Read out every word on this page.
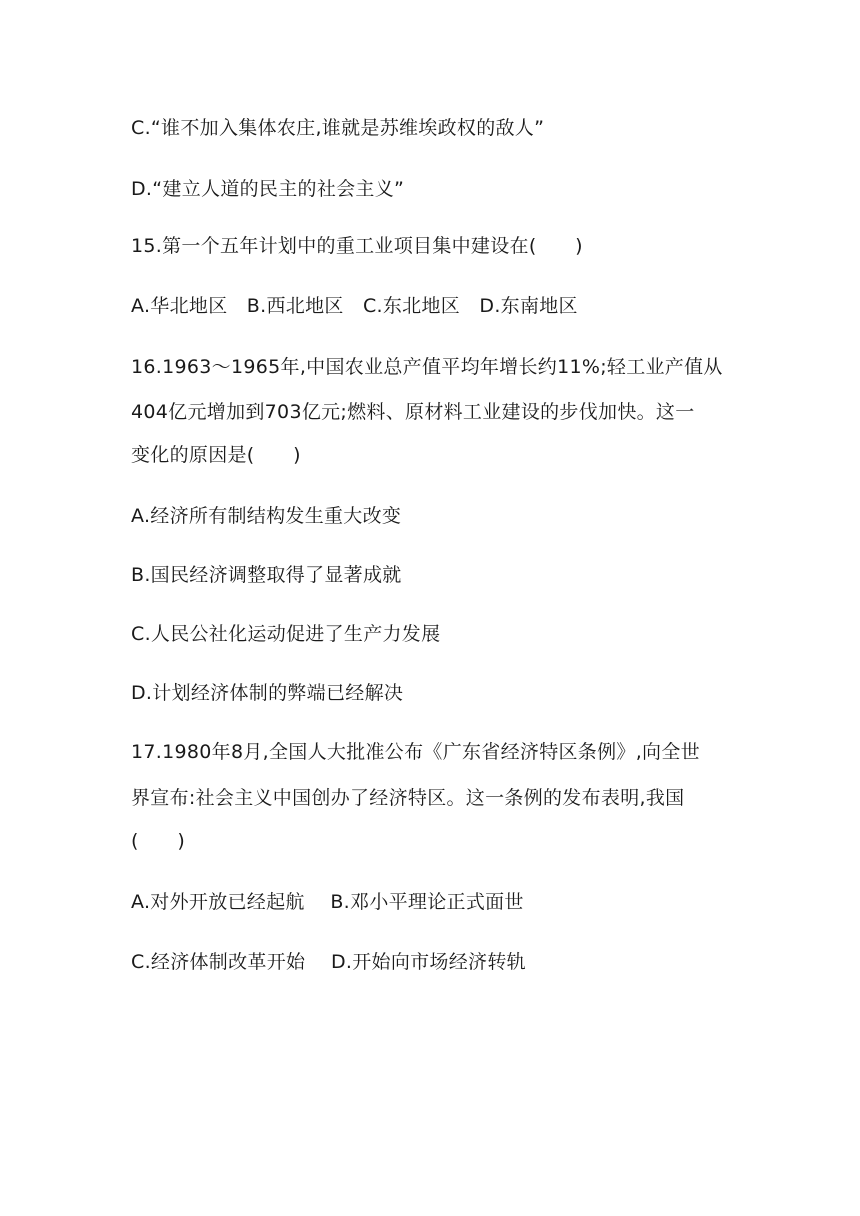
C.“谁不加入集体农庄,谁就是苏维埃政权的敌人”
D.“建立人道的民主的社会主义”
15.第一个五年计划中的重工业项目集中建设在(　　)
A.华北地区　B.西北地区　C.东北地区　D.东南地区
16.1963～1965年,中国农业总产值平均年增长约11%;轻工业产值从
404亿元增加到703亿元;燃料、原材料工业建设的步伐加快。这一
变化的原因是(　　)
A.经济所有制结构发生重大改变
B.国民经济调整取得了显著成就
C.人民公社化运动促进了生产力发展
D.计划经济体制的弊端已经解决
17.1980年8月,全国人大批准公布《广东省经济特区条例》,向全世
界宣布:社会主义中国创办了经济特区。这一条例的发布表明,我国
(　　)
A.对外开放已经起航　 B.邓小平理论正式面世
C.经济体制改革开始　 D.开始向市场经济转轨
